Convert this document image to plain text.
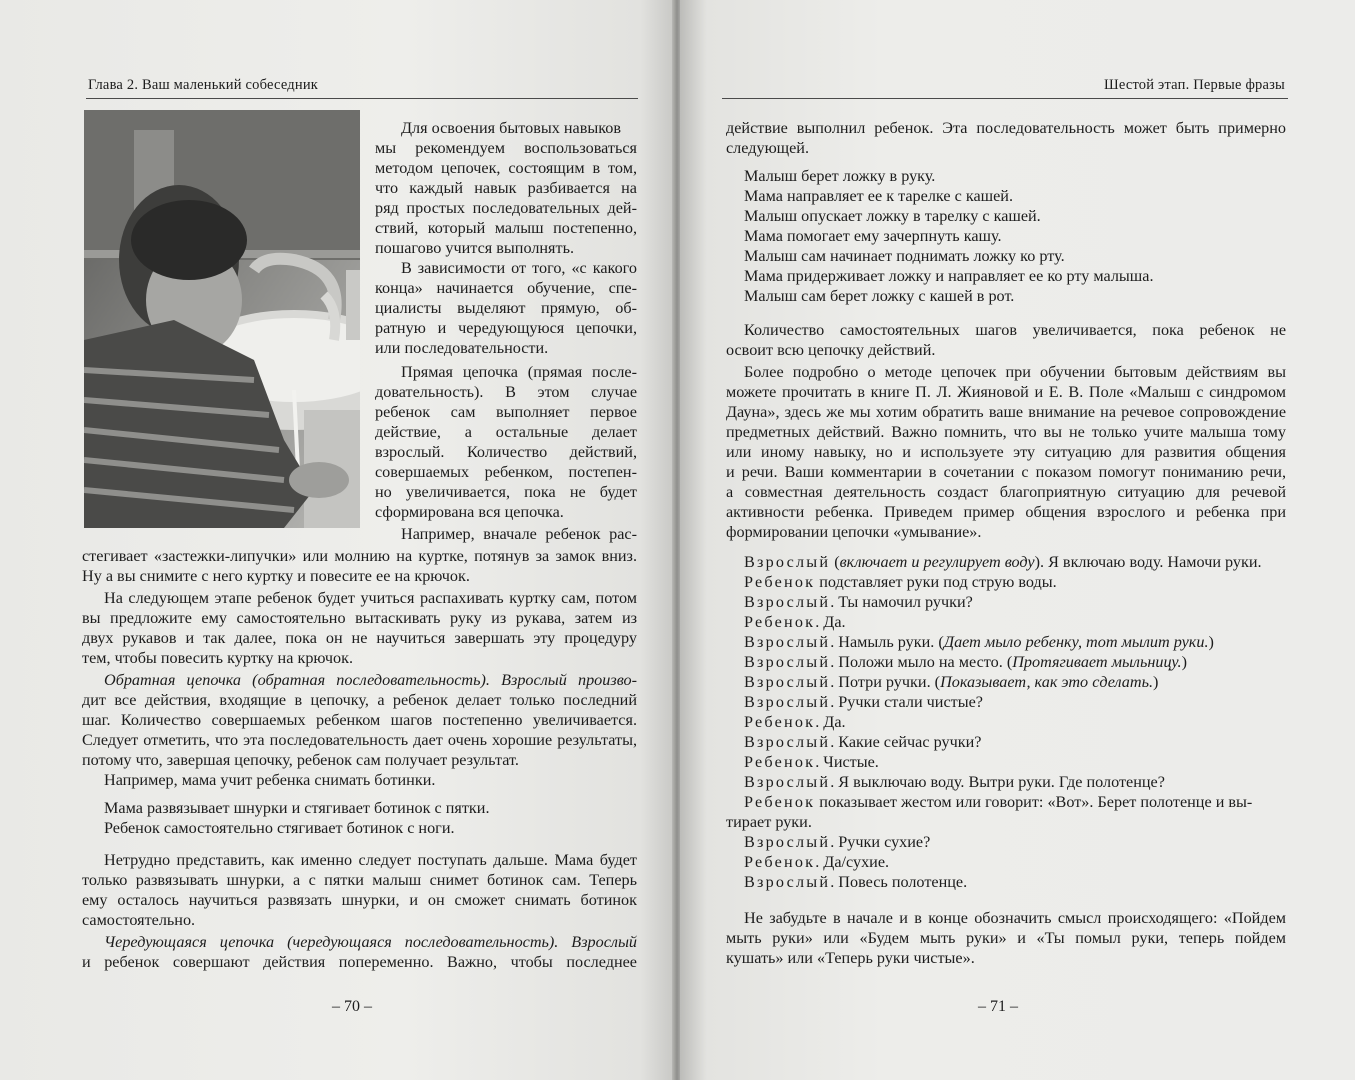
Глава 2. Ваш маленький собеседник
Для освоения бытовых навыков
мы рекомендуем воспользоваться
методом цепочек, состоящим в том,
что каждый навык разбивается на
ряд простых последовательных дей-
ствий, который малыш постепенно,
пошагово учится выполнять.
В зависимости от того, «с какого
конца» начинается обучение, спе-
циалисты выделяют прямую, об-
ратную и чередующуюся цепочки,
или последовательности.
Прямая цепочка (прямая после-
довательность). В этом случае
ребенок сам выполняет первое
действие, а остальные делает
взрослый. Количество действий,
совершаемых ребенком, постепен-
но увеличивается, пока не будет
сформирована вся цепочка.
Например, вначале ребенок рас-
стегивает «застежки-липучки» или молнию на куртке, потянув за замок вниз.
Ну а вы снимите с него куртку и повесите ее на крючок.
На следующем этапе ребенок будет учиться распахивать куртку сам, потом
вы предложите ему самостоятельно вытаскивать руку из рукава, затем из
двух рукавов и так далее, пока он не научиться завершать эту процедуру
тем, чтобы повесить куртку на крючок.
Обратная цепочка (обратная последовательность). Взрослый произво-
дит все действия, входящие в цепочку, а ребенок делает только последний
шаг. Количество совершаемых ребенком шагов постепенно увеличивается.
Следует отметить, что эта последовательность дает очень хорошие результаты,
потому что, завершая цепочку, ребенок сам получает результат.
Например, мама учит ребенка снимать ботинки.
Мама развязывает шнурки и стягивает ботинок с пятки.
Ребенок самостоятельно стягивает ботинок с ноги.
Нетрудно представить, как именно следует поступать дальше. Мама будет
только развязывать шнурки, а с пятки малыш снимет ботинок сам. Теперь
ему осталось научиться развязать шнурки, и он сможет снимать ботинок
самостоятельно.
Чередующаяся цепочка (чередующаяся последовательность). Взрослый
и ребенок совершают действия попеременно. Важно, чтобы последнее
– 70 –
Шестой этап. Первые фразы
действие выполнил ребенок. Эта последовательность может быть примерно
следующей.
Малыш берет ложку в руку.
Мама направляет ее к тарелке с кашей.
Малыш опускает ложку в тарелку с кашей.
Мама помогает ему зачерпнуть кашу.
Малыш сам начинает поднимать ложку ко рту.
Мама придерживает ложку и направляет ее ко рту малыша.
Малыш сам берет ложку с кашей в рот.
Количество самостоятельных шагов увеличивается, пока ребенок не
освоит всю цепочку действий.
Более подробно о методе цепочек при обучении бытовым действиям вы
можете прочитать в книге П. Л. Жияновой и Е. В. Поле «Малыш с синдромом
Дауна», здесь же мы хотим обратить ваше внимание на речевое сопровождение
предметных действий. Важно помнить, что вы не только учите малыша тому
или иному навыку, но и используете эту ситуацию для развития общения
и речи. Ваши комментарии в сочетании с показом помогут пониманию речи,
а совместная деятельность создаст благоприятную ситуацию для речевой
активности ребенка. Приведем пример общения взрослого и ребенка при
формировании цепочки «умывание».
Взрослый (включает и регулирует воду). Я включаю воду. Намочи руки.
Ребенок подставляет руки под струю воды.
Взрослый. Ты намочил ручки?
Ребенок. Да.
Взрослый. Намыль руки. (Дает мыло ребенку, тот мылит руки.)
Взрослый. Положи мыло на место. (Протягивает мыльницу.)
Взрослый. Потри ручки. (Показывает, как это сделать.)
Взрослый. Ручки стали чистые?
Ребенок. Да.
Взрослый. Какие сейчас ручки?
Ребенок. Чистые.
Взрослый. Я выключаю воду. Вытри руки. Где полотенце?
Ребенок показывает жестом или говорит: «Вот». Берет полотенце и вы-
тирает руки.
Взрослый. Ручки сухие?
Ребенок. Да/сухие.
Взрослый. Повесь полотенце.
Не забудьте в начале и в конце обозначить смысл происходящего: «Пойдем
мыть руки» или «Будем мыть руки» и «Ты помыл руки, теперь пойдем
кушать» или «Теперь руки чистые».
– 71 –
